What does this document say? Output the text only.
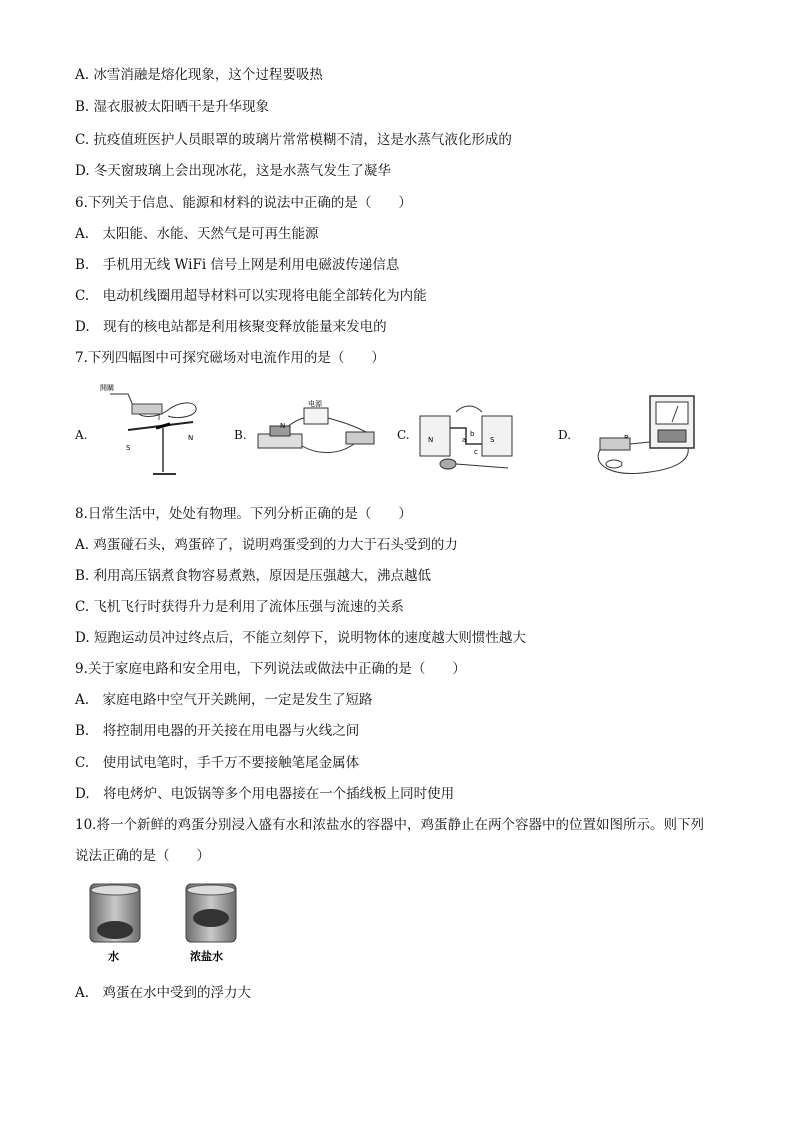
A. 冰雪消融是熔化现象，这个过程要吸热
B. 湿衣服被太阳晒干是升华现象
C. 抗疫值班医护人员眼罩的玻璃片常常模糊不清，这是水蒸气液化形成的
D. 冬天窗玻璃上会出现冰花，这是水蒸气发生了凝华
6.下列关于信息、能源和材料的说法中正确的是（　　）
A.　太阳能、水能、天然气是可再生能源
B.　手机用无线 WiFi 信号上网是利用电磁波传递信息
C.　电动机线圈用超导材料可以实现将电能全部转化为内能
D.　现有的核电站都是利用核聚变释放能量来发电的
7.下列四幅图中可探究磁场对电流作用的是（　　）
A.
開關
I
S
N	B.
电源
N
C.	N	S
a
b
c
D.
8.日常生活中，处处有物理。下列分析正确的是（　　）
A. 鸡蛋碰石头，鸡蛋碎了，说明鸡蛋受到的力大于石头受到的力
B. 利用高压锅煮食物容易煮熟，原因是压强越大，沸点越低
C. 飞机飞行时获得升力是利用了流体压强与流速的关系
D. 短跑运动员冲过终点后，不能立刻停下，说明物体的速度越大则惯性越大
9.关于家庭电路和安全用电，下列说法或做法中正确的是（　　）
A.　家庭电路中空气开关跳闸，一定是发生了短路
B.　将控制用电器的开关接在用电器与火线之间
C.　使用试电笔时，手千万不要接触笔尾金属体
D.　将电烤炉、电饭锅等多个用电器接在一个插线板上同时使用
10.将一个新鲜的鸡蛋分别浸入盛有水和浓盐水的容器中，鸡蛋静止在两个容器中的位置如图所示。则下列
说法正确的是（　　）
水	浓盐水
A.　鸡蛋在水中受到的浮力大
